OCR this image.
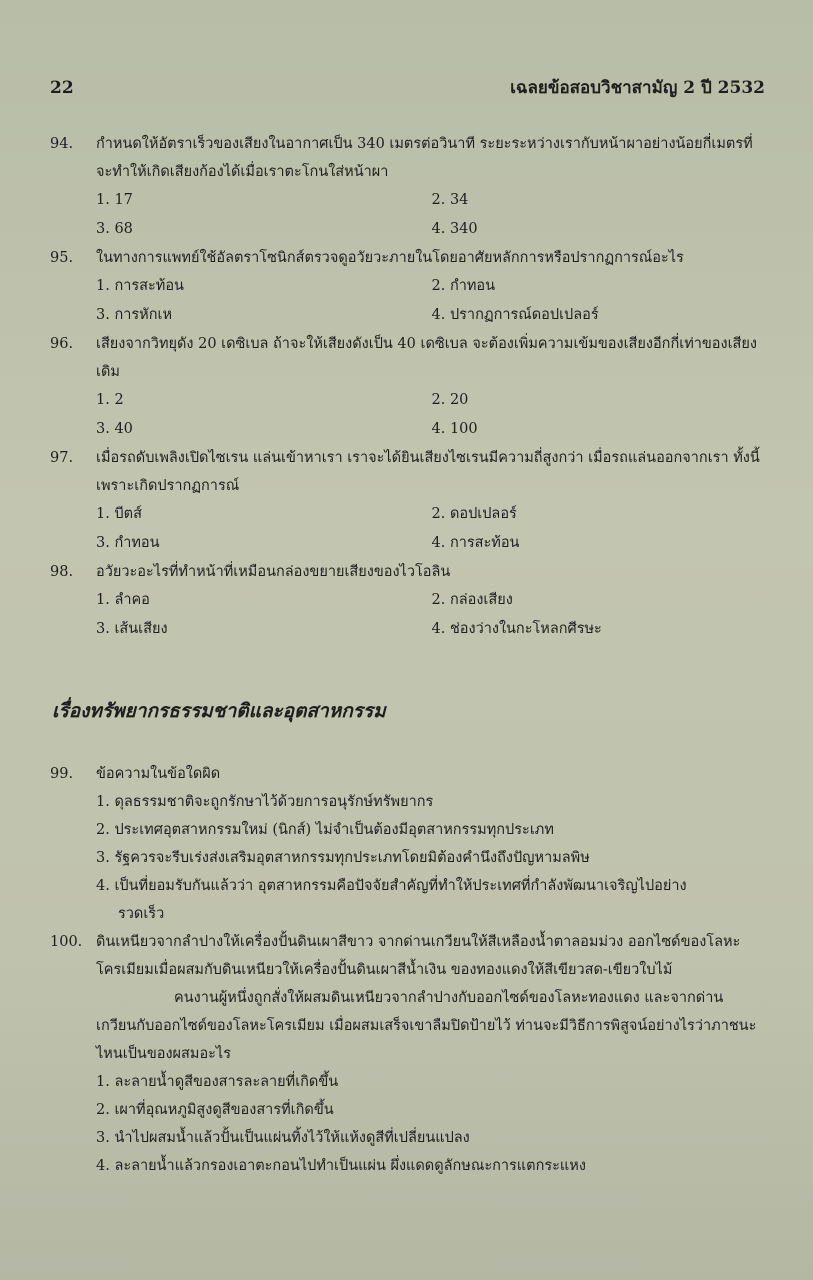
22	เฉลยข้อสอบวิชาสามัญ 2 ปี 2532
94.	กำหนดให้อัตราเร็วของเสียงในอากาศเป็น 340 เมตรต่อวินาที ระยะระหว่างเรากับหน้าผาอย่างน้อยกี่เมตรที่จะทำให้เกิดเสียงก้องได้เมื่อเราตะโกนใส่หน้าผา
1. 17	2. 34
3. 68	4. 340
95.	ในทางการแพทย์ใช้อัลตราโซนิกส์ตรวจดูอวัยวะภายในโดยอาศัยหลักการหรือปรากฏการณ์อะไร
1. การสะท้อน	2. กำทอน
3. การหักเห	4. ปรากฏการณ์ดอปเปลอร์
96.	เสียงจากวิทยุดัง 20 เดซิเบล ถ้าจะให้เสียงดังเป็น 40 เดซิเบล จะต้องเพิ่มความเข้มของเสียงอีกกี่เท่าของเสียงเดิม
1. 2	2. 20
3. 40	4. 100
97.	เมื่อรถดับเพลิงเปิดไซเรน แล่นเข้าหาเรา เราจะได้ยินเสียงไซเรนมีความถี่สูงกว่า เมื่อรถแล่นออกจากเรา ทั้งนี้เพราะเกิดปรากฏการณ์
1. บีตส์	2. ดอปเปลอร์
3. กำทอน	4. การสะท้อน
98.	อวัยวะอะไรที่ทำหน้าที่เหมือนกล่องขยายเสียงของไวโอลิน
1. ลำคอ	2. กล่องเสียง
3. เส้นเสียง	4. ช่องว่างในกะโหลกศีรษะ
เรื่องทรัพยากรธรรมชาติและอุตสาหกรรม
99.	ข้อความในข้อใดผิด
1. ดุลธรรมชาติจะถูกรักษาไว้ด้วยการอนุรักษ์ทรัพยากร
2. ประเทศอุตสาหกรรมใหม่ (นิกส์) ไม่จำเป็นต้องมีอุตสาหกรรมทุกประเภท
3. รัฐควรจะรีบเร่งส่งเสริมอุตสาหกรรมทุกประเภทโดยมิต้องคำนึงถึงปัญหามลพิษ
4. เป็นที่ยอมรับกันแล้วว่า อุตสาหกรรมคือปัจจัยสำคัญที่ทำให้ประเทศที่กำลังพัฒนาเจริญไปอย่าง
รวดเร็ว
100. ดินเหนียวจากลำปางให้เครื่องปั้นดินเผาสีขาว จากด่านเกวียนให้สีเหลืองน้ำตาลอมม่วง ออกไซด์ของโลหะโครเมียมเมื่อผสมกับดินเหนียวให้เครื่องปั้นดินเผาสีน้ำเงิน ของทองแดงให้สีเขียวสด-เขียวใบไม้
คนงานผู้หนึ่งถูกสั่งให้ผสมดินเหนียวจากลำปางกับออกไซด์ของโลหะทองแดง และจากด่าน
เกวียนกับออกไซด์ของโลหะโครเมียม เมื่อผสมเสร็จเขาลืมปิดป้ายไว้ ท่านจะมีวิธีการพิสูจน์อย่างไรว่าภาชนะไหนเป็นของผสมอะไร
1. ละลายน้ำดูสีของสารละลายที่เกิดขึ้น
2. เผาที่อุณหภูมิสูงดูสีของสารที่เกิดขึ้น
3. นำไปผสมน้ำแล้วปั้นเป็นแผ่นทิ้งไว้ให้แห้งดูสีที่เปลี่ยนแปลง
4. ละลายน้ำแล้วกรองเอาตะกอนไปทำเป็นแผ่น ผึ่งแดดดูลักษณะการแตกระแหง
